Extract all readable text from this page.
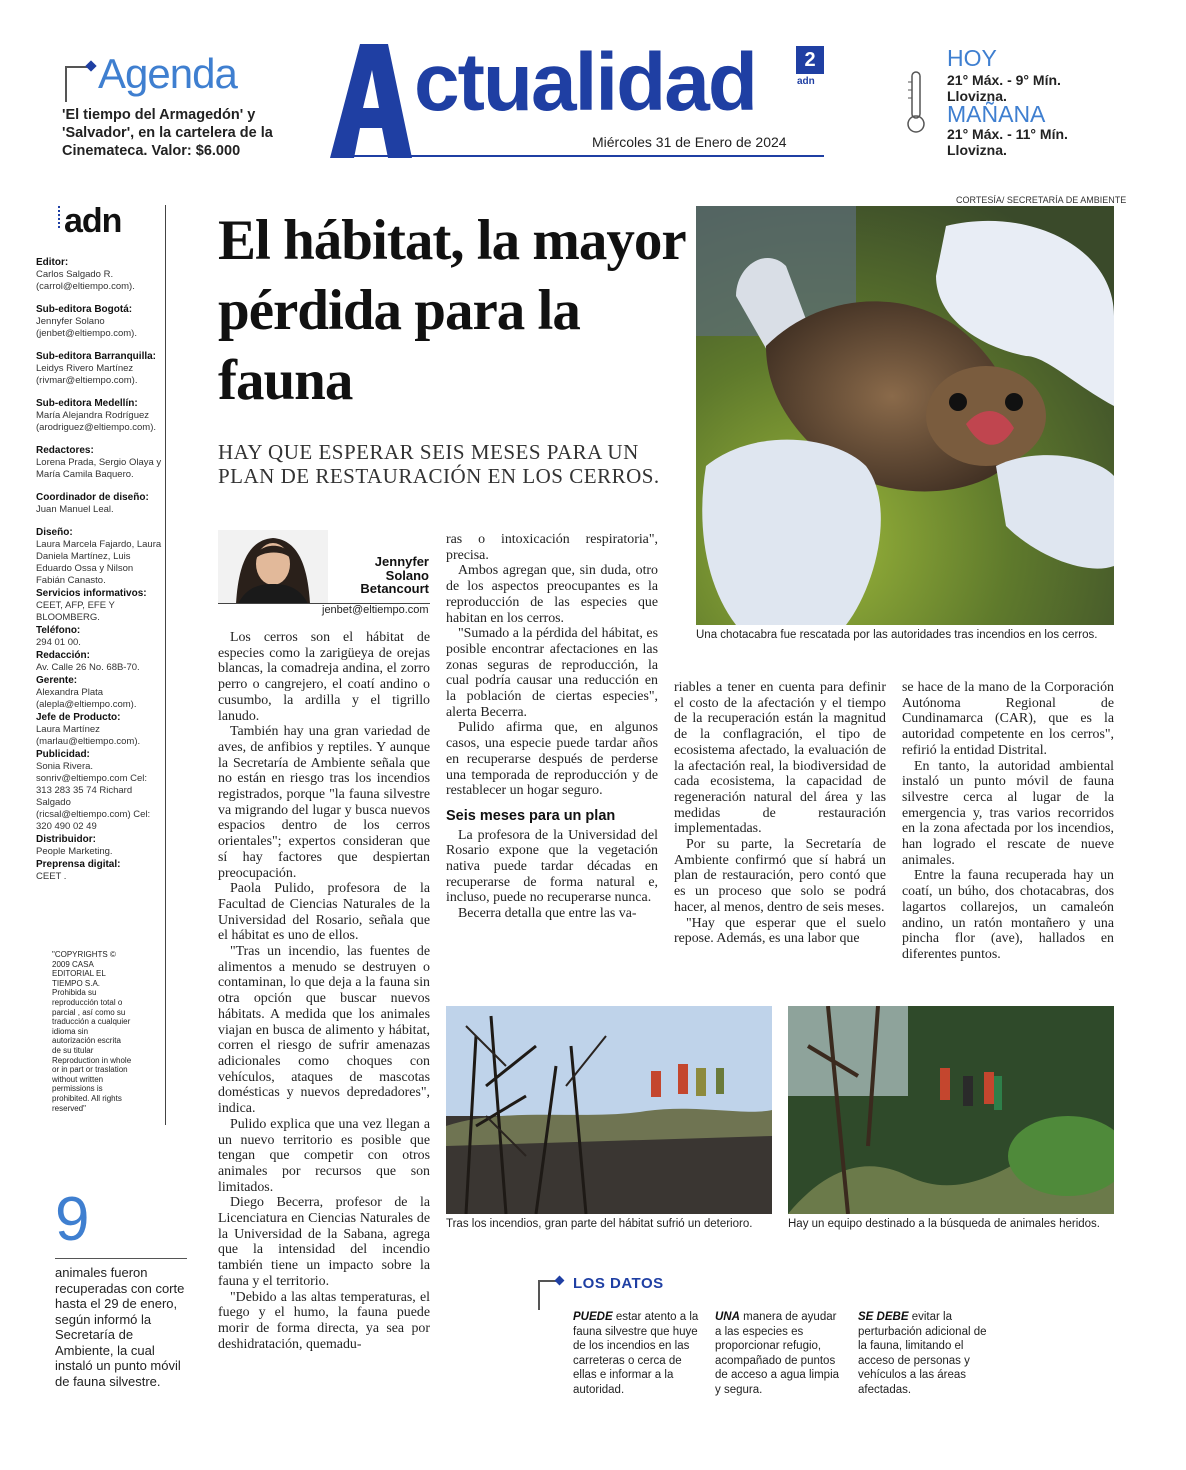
Agenda
'El tiempo del Armagedón' y 'Salvador', en la cartelera de la Cinemateca. Valor: $6.000
ctualidad	2
adn
Miércoles 31 de Enero de 2024
HOY
21° Máx. - 9° Mín.
Llovizna.
MAÑANA
21° Máx. - 11° Mín.
Llovizna.
adn
Editor:
Carlos Salgado R. (carrol@eltiempo.com).
Sub-editora Bogotá:
Jennyfer Solano (jenbet@eltiempo.com).
Sub-editora Barranquilla:
Leidys Rivero Martínez (rivmar@eltiempo.com).
Sub-editora Medellín:
María Alejandra Rodríguez (arodriguez@eltiempo.com).
Redactores:
Lorena Prada, Sergio Olaya y María Camila Baquero.
Coordinador de diseño:
Juan Manuel Leal.
Diseño:
Laura Marcela Fajardo, Laura Daniela Martínez, Luis Eduardo Ossa y Nilson Fabián Canasto.
Servicios informativos:
CEET, AFP, EFE Y BLOOMBERG.
Teléfono:
294 01 00.
Redacción:
Av. Calle 26 No. 68B-70.
Gerente:
Alexandra Plata (alepla@eltiempo.com).
Jefe de Producto:
Laura Martínez (marlau@eltiempo.com).
Publicidad:
Sonia Rivera. sonriv@eltiempo.com Cel: 313 283 35 74 Richard Salgado (ricsal@eltiempo.com) Cel: 320 490 02 49
Distribuidor:
People Marketing.
Preprensa digital:
CEET .
"COPYRIGHTS © 2009 CASA EDITORIAL EL TIEMPO S.A. Prohibida su reproducción total o parcial , así como su traducción a cualquier idioma sin autorización escrita de su titular Reproduction in whole or in part or traslation without written permissions is prohibited. All rights reserved"
9
animales fueron recuperadas con corte hasta el 29 de enero, según informó la Secretaría de Ambiente, la cual instaló un punto móvil de fauna silvestre.
El hábitat, la mayor pérdida para la fauna
HAY QUE ESPERAR SEIS MESES PARA UN PLAN DE RESTAURACIÓN EN LOS CERROS.
Jennyfer Solano Betancourt
jenbet@eltiempo.com

Los cerros son el hábitat de especies como la zarigüeya de orejas blancas, la comadreja andina, el zorro perro o cangrejero, el coatí andino o cusumbo, la ardilla y el tigrillo lanudo.

También hay una gran variedad de aves, de anfibios y reptiles. Y aunque la Secretaría de Ambiente señala que no están en riesgo tras los incendios registrados, porque "la fauna silvestre va migrando del lugar y busca nuevos espacios dentro de los cerros orientales"; expertos consideran que sí hay factores que despiertan preocupación.

Paola Pulido, profesora de la Facultad de Ciencias Naturales de la Universidad del Rosario, señala que el hábitat es uno de ellos.

"Tras un incendio, las fuentes de alimentos a menudo se destruyen o contaminan, lo que deja a la fauna sin otra opción que buscar nuevos hábitats. A medida que los animales viajan en busca de alimento y hábitat, corren el riesgo de sufrir amenazas adicionales como choques con vehículos, ataques de mascotas domésticas y nuevos depredadores", indica.

Pulido explica que una vez llegan a un nuevo territorio es posible que tengan que competir con otros animales por recursos que son limitados.

Diego Becerra, profesor de la Licenciatura en Ciencias Naturales de la Universidad de la Sabana, agrega que la intensidad del incendio también tiene un impacto sobre la fauna y el territorio.

"Debido a las altas temperaturas, el fuego y el humo, la fauna puede morir de forma directa, ya sea por deshidratación, quemadu-

ras o intoxicación respiratoria", precisa.

Ambos agregan que, sin duda, otro de los aspectos preocupantes es la reproducción de las especies que habitan en los cerros.

"Sumado a la pérdida del hábitat, es posible encontrar afectaciones en las zonas seguras de reproducción, la cual podría causar una reducción en la población de ciertas especies", alerta Becerra.

Pulido afirma que, en algunos casos, una especie puede tardar años en recuperarse después de perderse una temporada de reproducción y de restablecer un hogar seguro.

Seis meses para un plan

La profesora de la Universidad del Rosario expone que la vegetación nativa puede tardar décadas en recuperarse de forma natural e, incluso, puede no recuperarse nunca.

Becerra detalla que entre las va-

riables a tener en cuenta para definir el costo de la afectación y el tiempo de la recuperación están la magnitud de la conflagración, el tipo de ecosistema afectado, la evaluación de la afectación real, la biodiversidad de cada ecosistema, la capacidad de regeneración natural del área y las medidas de restauración implementadas.

Por su parte, la Secretaría de Ambiente confirmó que sí habrá un plan de restauración, pero contó que es un proceso que solo se podrá hacer, al menos, dentro de seis meses.

"Hay que esperar que el suelo repose. Además, es una labor que

se hace de la mano de la Corporación Autónoma Regional de Cundinamarca (CAR), que es la autoridad competente en los cerros", refirió la entidad Distrital.

En tanto, la autoridad ambiental instaló un punto móvil de fauna silvestre cerca al lugar de la emergencia y, tras varios recorridos en la zona afectada por los incendios, han logrado el rescate de nueve animales.

Entre la fauna recuperada hay un coatí, un búho, dos chotacabras, dos lagartos collarejos, un camaleón andino, un ratón montañero y una pincha flor (ave), hallados en diferentes puntos.

CORTESÍA/ SECRETARÍA DE AMBIENTE
Una chotacabra fue rescatada por las autoridades tras incendios en los cerros.
Tras los incendios, gran parte del hábitat sufrió un deterioro.	Hay un equipo destinado a la búsqueda de animales heridos.
LOS DATOS
PUEDE estar atento a la fauna silvestre que huye de los incendios en las carreteras o cerca de ellas e informar a la autoridad.
UNA manera de ayudar a las especies es proporcionar refugio, acompañado de puntos de acceso a agua limpia y segura.
SE DEBE evitar la perturbación adicional de la fauna, limitando el acceso de personas y vehículos a las áreas afectadas.
